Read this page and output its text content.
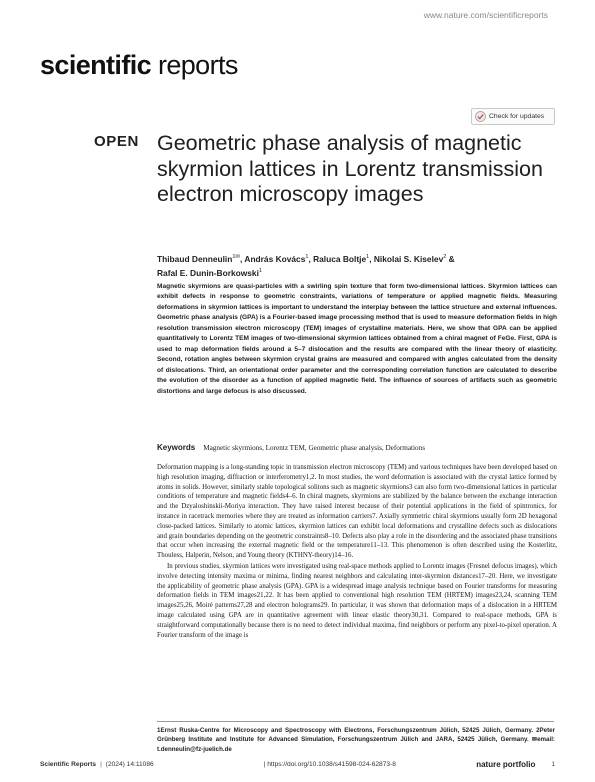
www.nature.com/scientificreports
scientific reports
OPEN
Check for updates
Geometric phase analysis of magnetic skyrmion lattices in Lorentz transmission electron microscopy images
Thibaud Denneulin$^{1✉}$, András Kovács$^1$, Raluca Boltje$^1$, Nikolai S. Kiselev$^2$ &
Rafal E. Dunin-Borkowski$^1$

Magnetic skyrmions are quasi-particles with a swirling spin texture that form two-dimensional lattices. Skyrmion lattices can exhibit defects in response to geometric constraints, variations of temperature or applied magnetic fields. Measuring deformations in skyrmion lattices is important to understand the interplay between the lattice structure and external influences. Geometric phase analysis (GPA) is a Fourier-based image processing method that is used to measure deformation fields in high resolution transmission electron microscopy (TEM) images of crystalline materials. Here, we show that GPA can be applied quantitatively to Lorentz TEM images of two-dimensional skyrmion lattices obtained from a chiral magnet of FeGe. First, GPA is used to map deformation fields around a 5–7 dislocation and the results are compared with the linear theory of elasticity. Second, rotation angles between skyrmion crystal grains are measured and compared with angles calculated from the density of dislocations. Third, an orientational order parameter and the corresponding correlation function are calculated to describe the evolution of the disorder as a function of applied magnetic field. The influence of sources of artifacts such as geometric distortions and large defocus is also discussed.

Keywords Magnetic skyrmions, Lorentz TEM, Geometric phase analysis, Deformations

Deformation mapping is a long-standing topic in transmission electron microscopy (TEM) and various techniques have been developed based on high resolution imaging, diffraction or interferometry1,2. In most studies, the word deformation is associated with the crystal lattice formed by atoms in solids. However, similarly stable topological solitons such as magnetic skyrmions3 can also form two-dimensional lattices in particular conditions of temperature and magnetic fields4–6. In chiral magnets, skyrmions are stabilized by the balance between the exchange interaction and the Dzyaloshinskii-Moriya interaction. They have raised interest because of their potential applications in the field of spintronics, for instance in racetrack memories where they are treated as information carriers7. Axially symmetric chiral skyrmions usually form 2D hexagonal close-packed lattices. Similarly to atomic lattices, skyrmion lattices can exhibit local deformations and crystalline defects such as dislocations and grain boundaries depending on the geometric constraints8–10. Defects also play a role in the disordering and the associated phase transitions that occur when increasing the external magnetic field or the temperature11–13. This phenomenon is often described using the Kosterlitz, Thouless, Halperin, Nelson, and Young theory (KTHNY-theory)14–16.

In previous studies, skyrmion lattices were investigated using real-space methods applied to Lorentz images (Fresnel defocus images), which involve detecting intensity maxima or minima, finding nearest neighbors and calculating inter-skyrmion distances17–20. Here, we investigate the applicability of geometric phase analysis (GPA). GPA is a widespread image analysis technique based on Fourier transforms for measuring deformation fields in TEM images21,22. It has been applied to conventional high resolution TEM (HRTEM) images23,24, scanning TEM images25,26, Moiré patterns27,28 and electron holograms29. In particular, it was shown that deformation maps of a dislocation in a HRTEM image calculated using GPA are in quantitative agreement with linear elastic theory30,31. Compared to real-space methods, GPA is straightforward computationally because there is no need to detect individual maxima, find neighbors or perform any pixel-to-pixel operation. A Fourier transform of the image is

1Ernst Ruska-Centre for Microscopy and Spectroscopy with Electrons, Forschungszentrum Jülich, 52425 Jülich, Germany. 2Peter Grünberg Institute and Institute for Advanced Simulation, Forschungszentrum Jülich and JARA, 52425 Jülich, Germany. ✉email: t.denneulin@fz-juelich.de

Scientific Reports | (2024) 14:11086	| https://doi.org/10.1038/s41598-024-62873-8	nature portfolio 1
